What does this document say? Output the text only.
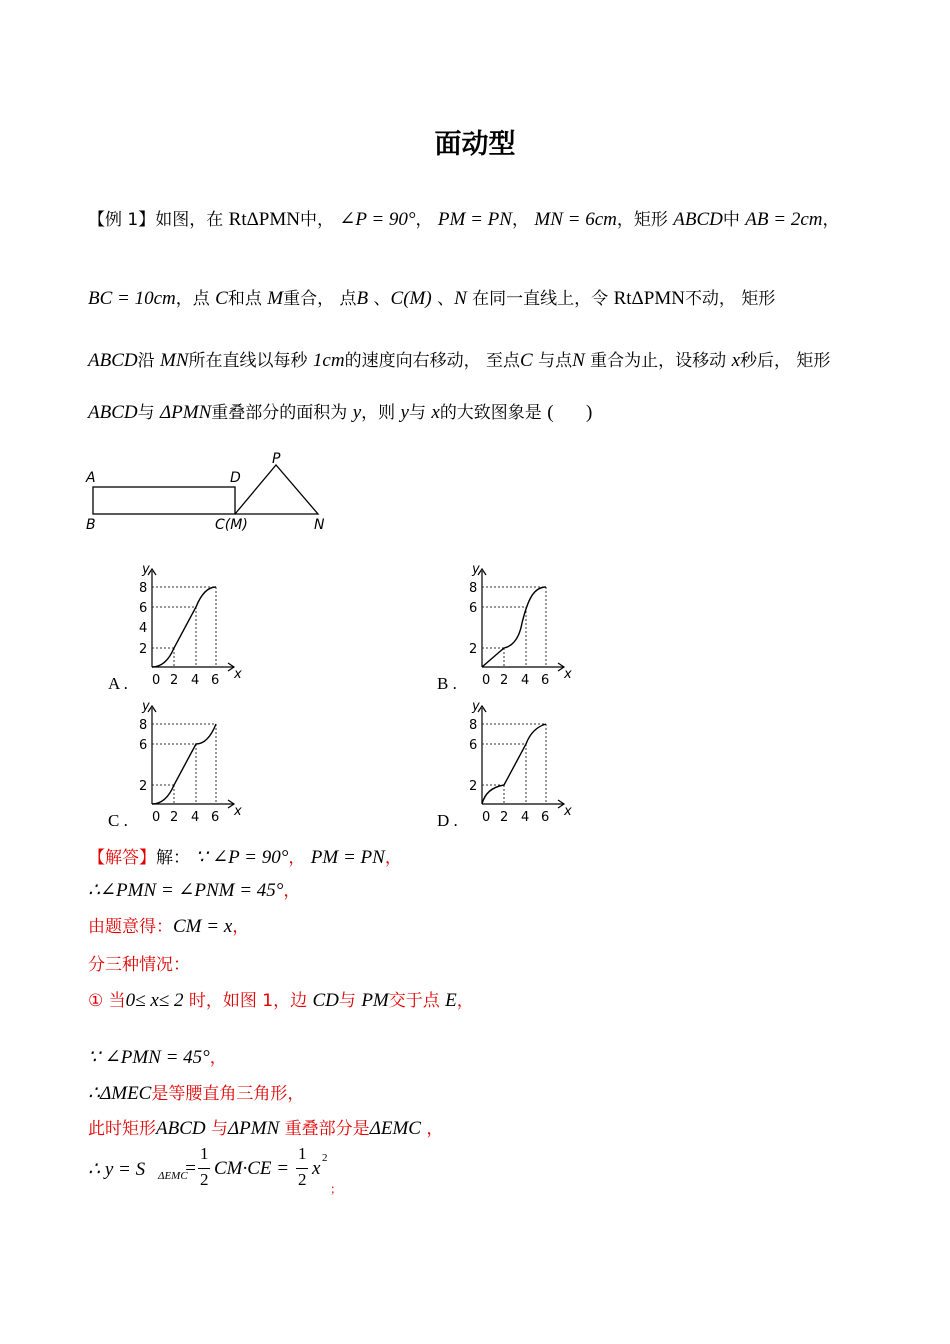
面动型
【例 1】如图，在 RtΔPMN中， ∠P = 90°， PM = PN， MN = 6cm，矩形 ABCD中 AB = 2cm，
BC = 10cm，点 C和点 M重合， 点B 、C(M) 、N 在同一直线上，令 RtΔPMN不动， 矩形
ABCD沿 MN所在直线以每秒 1cm的速度向右移动， 至点C 与点N 重合为止，设移动 x秒后， 矩形
ABCD与 ΔPMN重叠部分的面积为 y，则 y与 x的大致图象是 ( )
A
B
D
C(M)	N
P
A .	B .
C .	D .
y
8
6
4
2
0 2 4 6 x
y
8
6
2
0 2 4 6 x
y
8
6
2
0 2 4 6 x
y
8
6
2
0 2 4 6 x
【解答】解： ∵ ∠P = 90°， PM = PN，
∴∠PMN = ∠PNM = 45°，
由题意得：CM = x，
分三种情况：
① 当0≤ x≤ 2 时，如图 1，边 CD与 PM交于点 E，
∵ ∠PMN = 45°，
∴ΔMEC是等腰直角三角形，
此时矩形ABCD 与ΔPMN 重叠部分是ΔEMC ，
∴ y = S ΔEMC
=
1
2
CM·CE =
1
2
x 2
；
